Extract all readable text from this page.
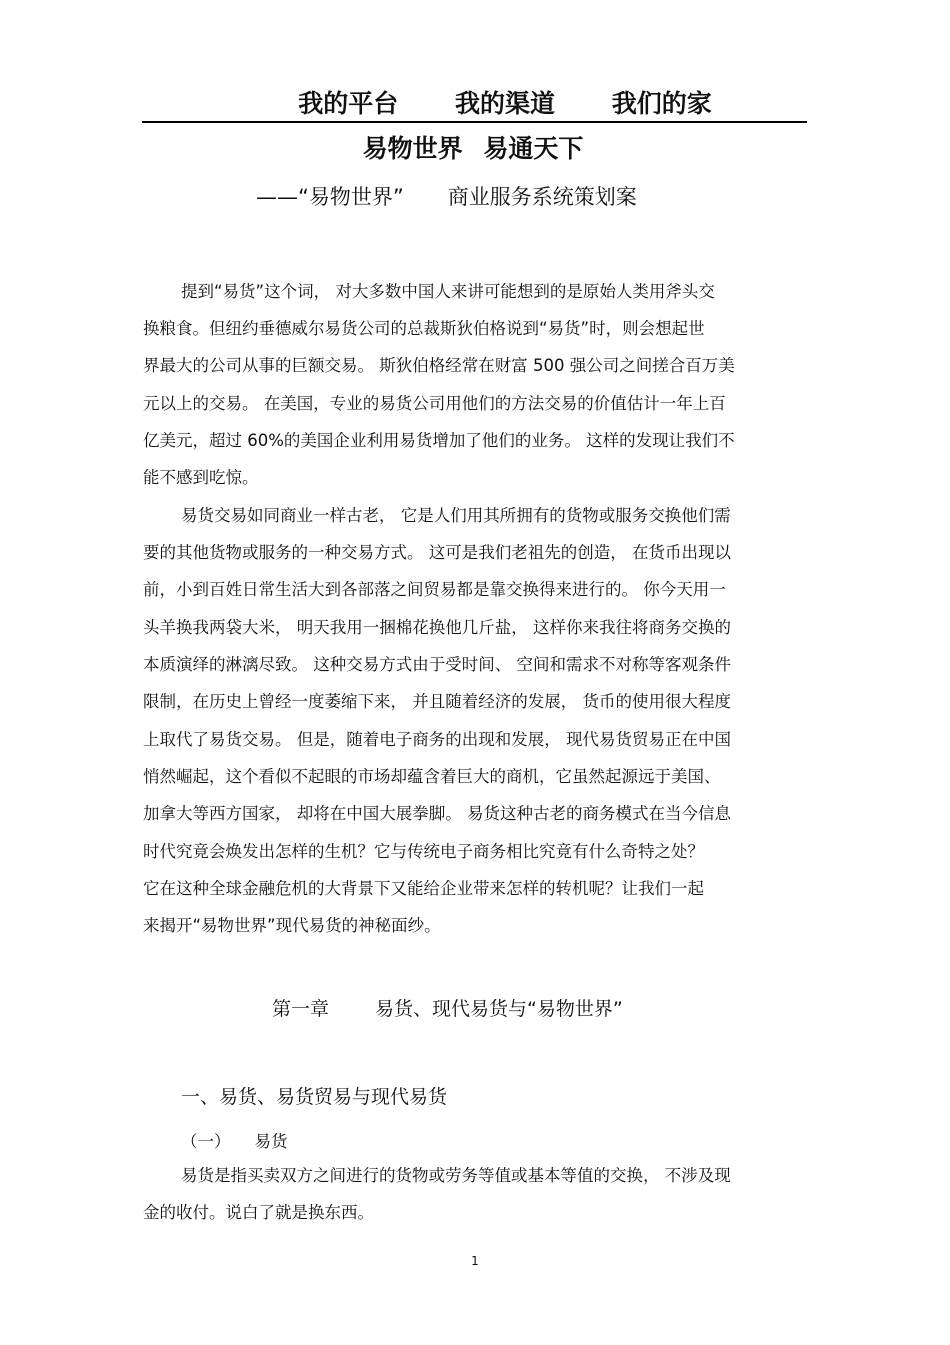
我的平台 我的渠道 我们的家
易物世界 易通天下
——“易物世界” 商业服务系统策划案
提到“易货”这个词， 对大多数中国人来讲可能想到的是原始人类用斧头交
换粮食。但纽约垂德威尔易货公司的总裁斯狄伯格说到“易货”时，则会想起世
界最大的公司从事的巨额交易。 斯狄伯格经常在财富 500 强公司之间搓合百万美
元以上的交易。 在美国，专业的易货公司用他们的方法交易的价值估计一年上百
亿美元，超过 60%的美国企业利用易货增加了他们的业务。 这样的发现让我们不
能不感到吃惊。
易货交易如同商业一样古老， 它是人们用其所拥有的货物或服务交换他们需
要的其他货物或服务的一种交易方式。 这可是我们老祖先的创造， 在货币出现以
前，小到百姓日常生活大到各部落之间贸易都是靠交换得来进行的。 你今天用一
头羊换我两袋大米， 明天我用一捆棉花换他几斤盐， 这样你来我往将商务交换的
本质演绎的淋漓尽致。 这种交易方式由于受时间、 空间和需求不对称等客观条件
限制，在历史上曾经一度萎缩下来， 并且随着经济的发展， 货币的使用很大程度
上取代了易货交易。 但是，随着电子商务的出现和发展， 现代易货贸易正在中国
悄然崛起，这个看似不起眼的市场却蕴含着巨大的商机，它虽然起源远于美国、
加拿大等西方国家， 却将在中国大展拳脚。 易货这种古老的商务模式在当今信息
时代究竟会焕发出怎样的生机？它与传统电子商务相比究竟有什么奇特之处？
它在这种全球金融危机的大背景下又能给企业带来怎样的转机呢？让我们一起
来揭开“易物世界”现代易货的神秘面纱。
第一章 易货、现代易货与“易物世界”
一、易货、易货贸易与现代易货
（一） 易货
易货是指买卖双方之间进行的货物或劳务等值或基本等值的交换， 不涉及现
金的收付。说白了就是换东西。
1
